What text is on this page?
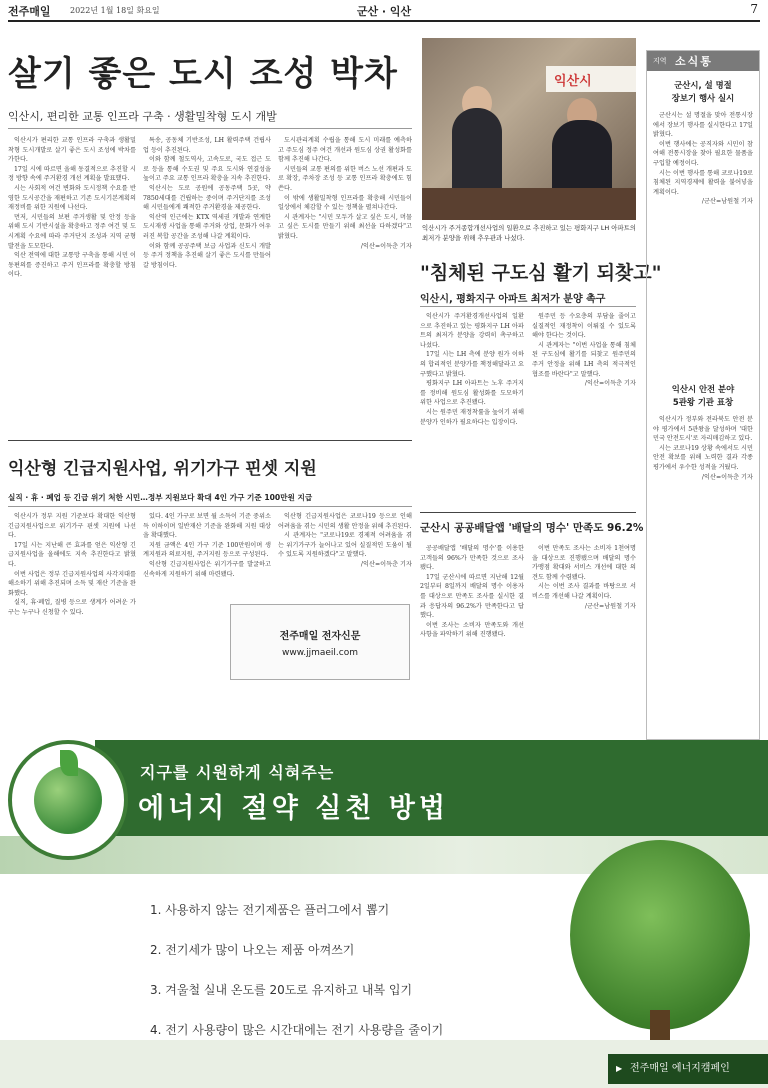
전주매일 2022년 1월 18일 화요일	군산 · 익산	7
살기 좋은 도시 조성 박차
익산시, 편리한 교통 인프라 구축 · 생활밀착형 도시 개발

익산시가 편리한 교통 인프라 구축과 생활밀착형 도시개발로 살기 좋은 도시 조성에 박차를 가한다.

17일 시에 따르면 올해 동결적으로 추진할 시정 방향 속에 주거환경 개선 계획을 발표했다.

시는 사회적 여건 변화와 도시정책 수요를 반영한 도시공간을 재편하고 기존 도시기본계획의 재정비를 위한 지원에 나선다.

먼저, 시민들의 보편 주거생활 및 안정 등을 위해 도시 기반시설을 확충하고 정주 여건 및 도시계획 수요에 따라 주거단지 조성과 지역 균형발전을 도모한다.

익산 전역에 대한 교통망 구축을 통해 시민 이동편의를 증진하고 주거 인프라를 확충할 방침이다.

특송, 공동체 기반조성, LH 활력주택 건립사업 등이 추진된다.

이와 함께 철도역사, 고속도로, 국도 접근 도로 등을 통해 수도권 및 주요 도시와 연결성을 높이고 주요 교통 인프라 확충을 지속 추진한다.

익산시는 도로 공원에 공동주택 5곳, 약 7850세대를 건립하는 중이며 주거단지를 조성해 시민들에게 쾌적한 주거환경을 제공한다.

익산역 인근에는 KTX 역세권 개발과 연계한 도시재생 사업을 통해 주거와 상업, 문화가 어우러진 복합 공간을 조성해 나갈 계획이다.

이와 함께 공공주택 보급 사업과 신도시 개발 등 주거 정책을 추진해 살기 좋은 도시를 만들어갈 방침이다.

도시관리계획 수립을 통해 도시 미래를 예측하고 주도심 정주 여건 개선과 원도심 상권 활성화를 함께 추진해 나간다.

시민들의 교통 편의를 위한 버스 노선 개편과 도로 확장, 주차장 조성 등 교통 인프라 확충에도 힘쓴다.

이 밖에 생활밀착형 인프라를 확충해 시민들이 일상에서 체감할 수 있는 정책을 펼쳐나간다.

시 관계자는 "시민 모두가 살고 싶은 도시, 머물고 싶은 도시를 만들기 위해 최선을 다하겠다"고 밝혔다.

/익산=이득춘 기자

익산시
익산시가 주거종합개선사업의 일환으로 추진하고 있는 평화지구 LH 아파트의 최저가 분양을 위해 추우관과 나섰다.
"침체된 구도심 활기 되찾고"
익산시, 평화지구 아파트 최저가 분양 촉구

익산시가 주거환경개선사업의 일환으로 추진하고 있는 평화지구 LH 아파트의 최저가 분양을 강력히 촉구하고 나섰다.

17일 시는 LH 측에 분양 원가 이하의 합리적인 분양가를 책정해달라고 요구했다고 밝혔다.

평화지구 LH 아파트는 노후 주거지를 정비해 원도심 활성화를 도모하기 위한 사업으로 추진됐다.

시는 원주민 재정착률을 높이기 위해 분양가 인하가 필요하다는 입장이다.

원주민 등 수요층의 부담을 줄이고 실질적인 재정착이 이뤄질 수 있도록 해야 한다는 것이다.

시 관계자는 "이번 사업을 통해 침체된 구도심에 활기를 되찾고 원주민의 주거 안정을 위해 LH 측의 적극적인 협조를 바란다"고 말했다.

/익산=이득춘 기자

군산시 공공배달앱 '배달의 명수' 만족도 96.2%

공공배달앱 '배달의 명수'를 이용한 고객들의 96%가 만족한 것으로 조사됐다.

17일 군산시에 따르면 지난해 12월 2일부터 8일까지 배달의 명수 이용자를 대상으로 만족도 조사를 실시한 결과 응답자의 96.2%가 만족한다고 답했다.

이번 조사는 소비자 만족도와 개선 사항을 파악하기 위해 진행됐다.

이번 만족도 조사는 소비자 1천여명을 대상으로 진행됐으며 배달의 명수 가맹점 확대와 서비스 개선에 대한 의견도 함께 수렴됐다.

시는 이번 조사 결과를 바탕으로 서비스를 개선해 나갈 계획이다.

/군산=남원철 기자

익산형 긴급지원사업, 위기가구 핀셋 지원
실직 · 휴 · 폐업 등 긴급 위기 처한 시민…정부 지원보다 확대 4인 가구 기준 100만원 지급

익산시가 정부 지원 기준보다 확대한 익산형 긴급지원사업으로 위기가구 핀셋 지원에 나선다.

17일 시는 지난해 큰 효과를 얻은 익산형 긴급지원사업을 올해에도 지속 추진한다고 밝혔다.

이번 사업은 정부 긴급지원사업의 사각지대를 해소하기 위해 추진되며 소득 및 재산 기준을 완화했다.

실직, 휴·폐업, 질병 등으로 생계가 어려운 가구는 누구나 신청할 수 있다.

있다. 4인 가구로 보면 월 소득이 기준 중위소득 이하이며 일반재산 기준을 완화해 지원 대상을 확대했다.

지원 금액은 4인 가구 기준 100만원이며 생계지원과 의료지원, 주거지원 등으로 구성된다.

익산형 긴급지원사업은 위기가구를 발굴하고 신속하게 지원하기 위해 마련됐다.

익산형 긴급지원사업은 코로나19 등으로 인해 어려움을 겪는 시민의 생활 안정을 위해 추진된다.

시 관계자는 "코로나19로 경제적 어려움을 겪는 위기가구가 늘어나고 있어 실질적인 도움이 될 수 있도록 지원하겠다"고 말했다.

/익산=이득춘 기자

전주매일 전자신문
www.jjmaeil.com
지역 소식통
군산시, 설 명절
장보기 행사 실시

군산시는 설 명절을 맞아 전통시장에서 장보기 행사를 실시한다고 17일 밝혔다.

이번 행사에는 공직자와 시민이 참여해 전통시장을 찾아 필요한 물품을 구입할 예정이다.

시는 이번 행사를 통해 코로나19로 침체된 지역경제에 활력을 불어넣을 계획이다.

/군산=남원철 기자

익산시 안전 분야
5관왕 기관 표창

익산시가 정부와 전라북도 안전 분야 평가에서 5관왕을 달성하며 '대한민국 안전도시'로 자리매김하고 있다.

시는 코로나19 상황 속에서도 시민 안전 확보를 위해 노력한 결과 각종 평가에서 우수한 성적을 거뒀다.

/익산=이득춘 기자

지구를 시원하게 식혀주는
에너지 절약 실천 방법
1. 사용하지 않는 전기제품은 플러그에서 뽑기
2. 전기세가 많이 나오는 제품 아껴쓰기
3. 겨울철 실내 온도를 20도로 유지하고 내복 입기
4. 전기 사용량이 많은 시간대에는 전기 사용량을 줄이기
▶ 전주매일 에너지캠페인
